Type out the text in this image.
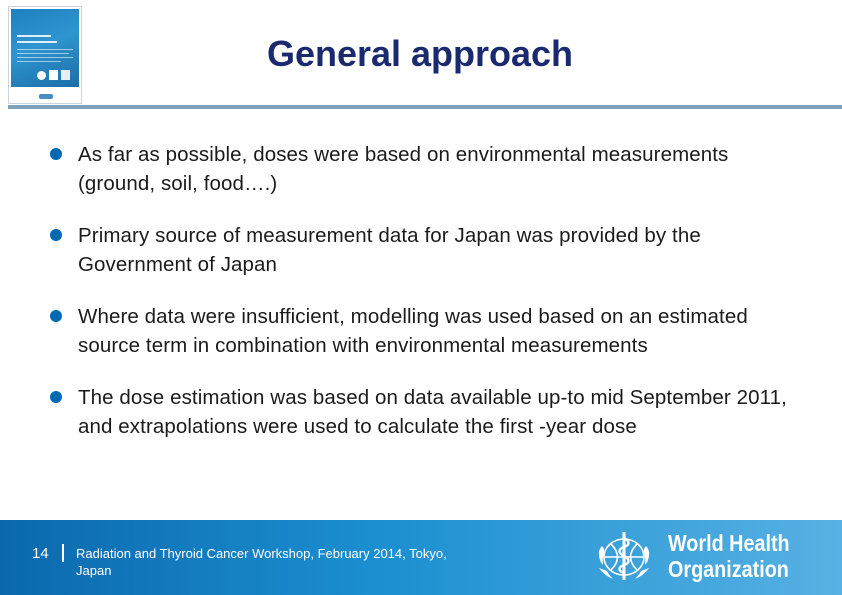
General approach
As far as possible, doses were based on environmental measurements (ground, soil, food….)
Primary source of measurement data for Japan was provided by the Government of Japan
Where data were insufficient, modelling was used based on an estimated source term in combination with environmental measurements
The dose estimation was based on data available up-to mid September 2011, and extrapolations were used to calculate the first -year dose
14 Radiation and Thyroid Cancer Workshop, February 2014, Tokyo, Japan
World Health
Organization
